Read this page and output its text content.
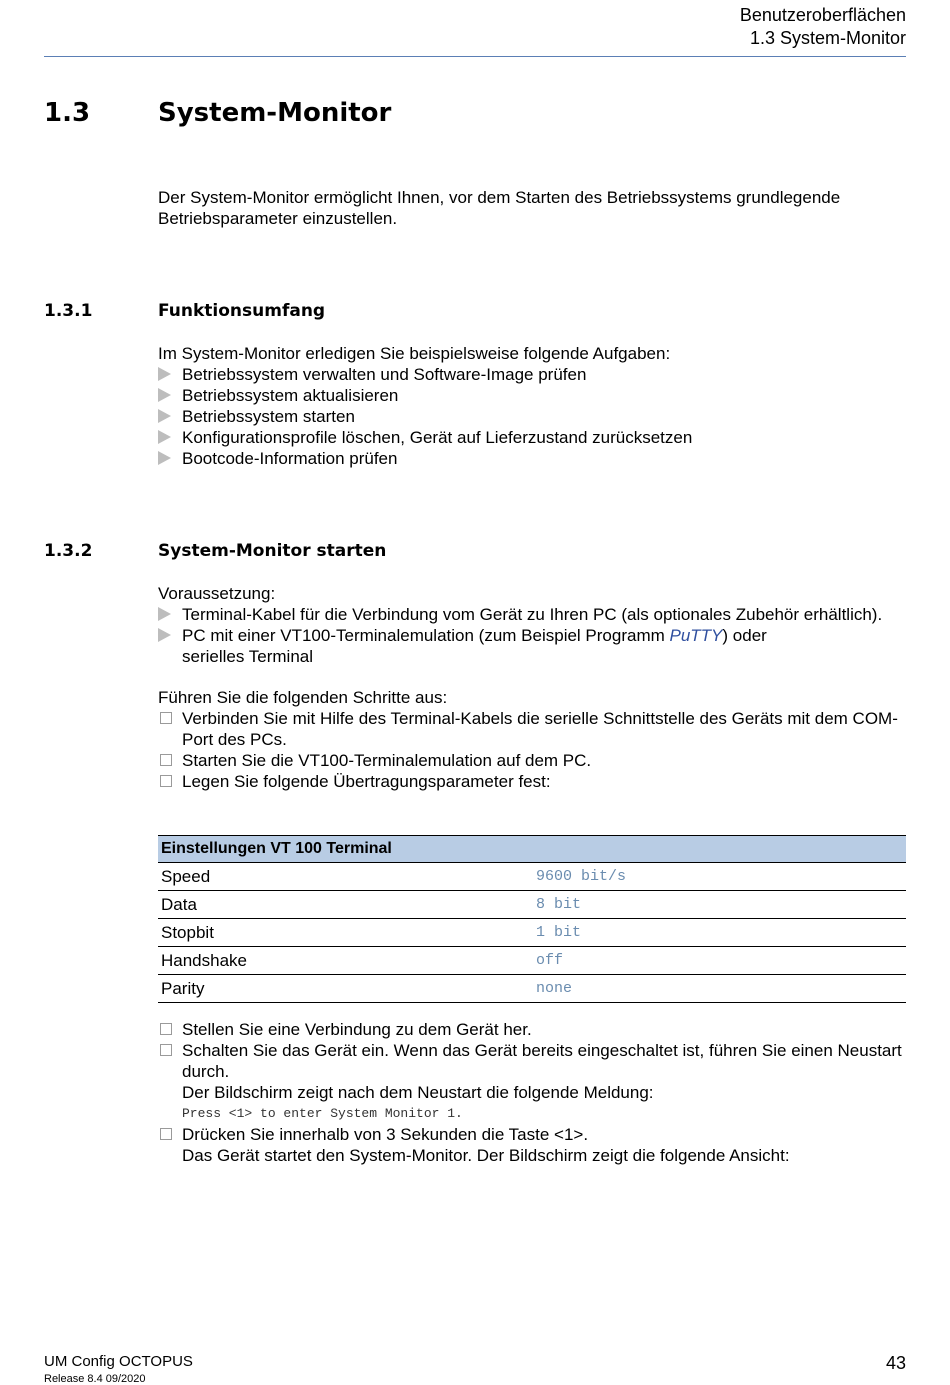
Benutzeroberflächen
1.3 System-Monitor
1.3	System-Monitor
Der System-Monitor ermöglicht Ihnen, vor dem Starten des Betriebssystems grundlegende
Betriebsparameter einzustellen.
1.3.1	Funktionsumfang
Im System-Monitor erledigen Sie beispielsweise folgende Aufgaben:
Betriebssystem verwalten und Software-Image prüfen
Betriebssystem aktualisieren
Betriebssystem starten
Konfigurationsprofile löschen, Gerät auf Lieferzustand zurücksetzen
Bootcode-Information prüfen
1.3.2	System-Monitor starten
Voraussetzung:
Terminal-Kabel für die Verbindung vom Gerät zu Ihren PC (als optionales Zubehör erhältlich).
PC mit einer VT100-Terminalemulation (zum Beispiel Programm PuTTY) oder
serielles Terminal
Führen Sie die folgenden Schritte aus:
Verbinden Sie mit Hilfe des Terminal-Kabels die serielle Schnittstelle des Geräts mit dem COM-
Port des PCs.
Starten Sie die VT100-Terminalemulation auf dem PC.
Legen Sie folgende Übertragungsparameter fest:
Einstellungen VT 100 Terminal	
Speed	9600 bit/s
Data	8 bit
Stopbit	1 bit
Handshake	off
Parity	none
Stellen Sie eine Verbindung zu dem Gerät her.
Schalten Sie das Gerät ein. Wenn das Gerät bereits eingeschaltet ist, führen Sie einen Neustart
durch.
Der Bildschirm zeigt nach dem Neustart die folgende Meldung:
Press <1> to enter System Monitor 1.
Drücken Sie innerhalb von 3 Sekunden die Taste <1>.
Das Gerät startet den System-Monitor. Der Bildschirm zeigt die folgende Ansicht:
UM Config OCTOPUS
Release 8.4 09/2020
43
